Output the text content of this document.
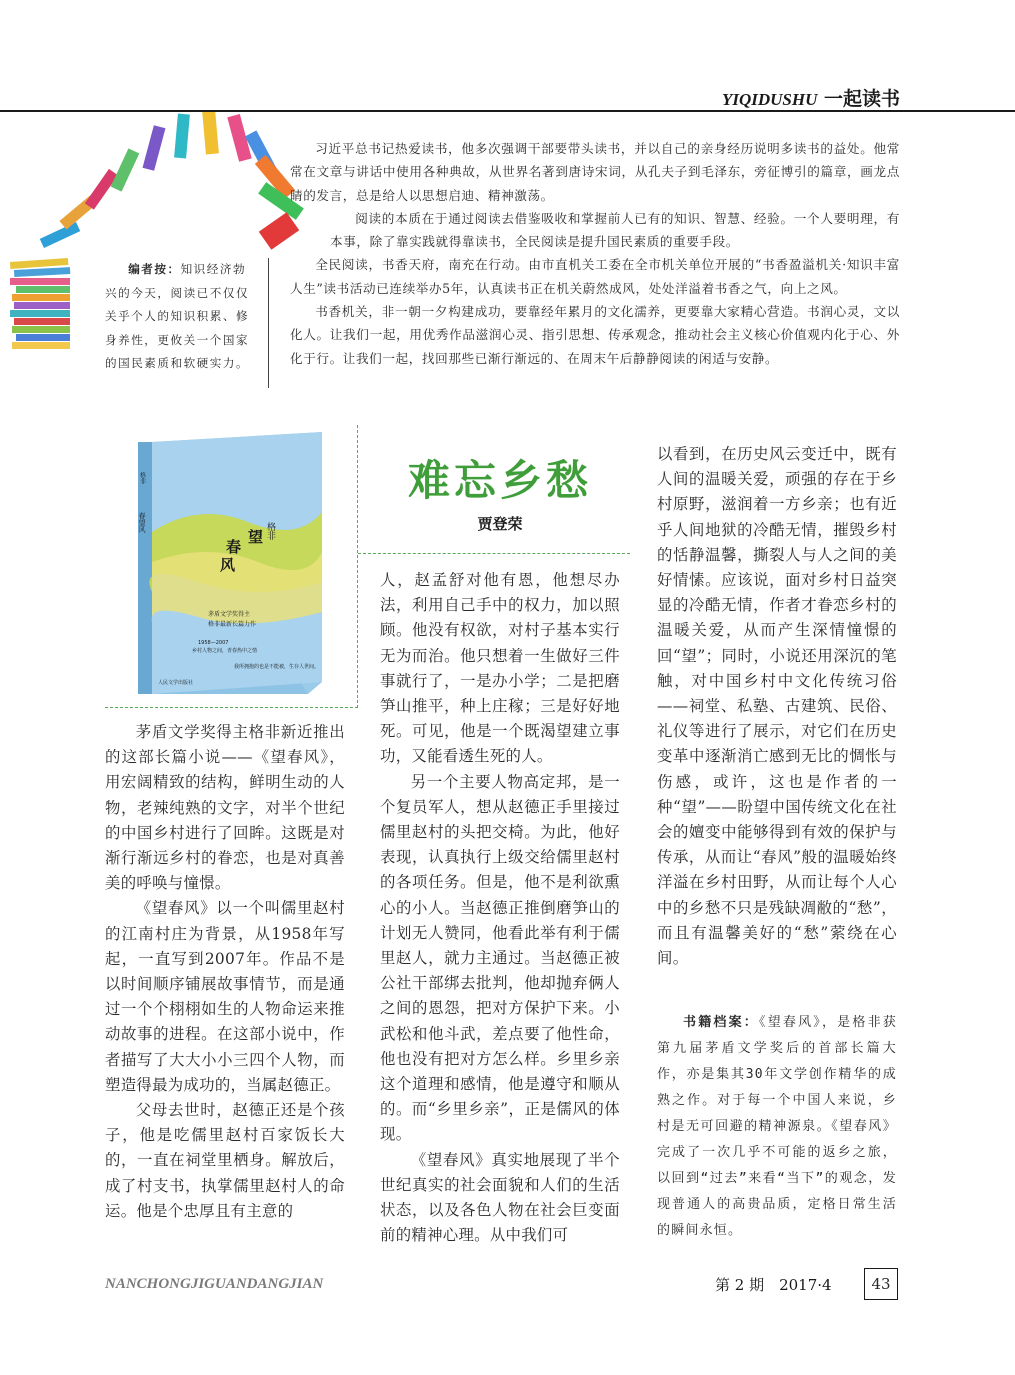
YIQIDUSHU 一起读书

习近平总书记热爱读书，他多次强调干部要带头读书，并以自己的亲身经历说明多读书的益处。他常常在文章与讲话中使用各种典故，从世界名著到唐诗宋词，从孔夫子到毛泽东，旁征博引的篇章，画龙点睛的发言，总是给人以思想启迪、精神激荡。

阅读的本质在于通过阅读去借鉴吸收和掌握前人已有的知识、智慧、经验。一个人要明理，有本事，除了靠实践就得靠读书，全民阅读是提升国民素质的重要手段。

全民阅读，书香天府，南充在行动。由市直机关工委在全市机关单位开展的“书香盈溢机关·知识丰富人生”读书活动已连续举办5年，认真读书正在机关蔚然成风，处处洋溢着书香之气，向上之风。

书香机关，非一朝一夕构建成功，要靠经年累月的文化濡养，更要靠大家精心营造。书润心灵，文以化人。让我们一起，用优秀作品滋润心灵、指引思想、传承观念，推动社会主义核心价值观内化于心、外化于行。让我们一起，找回那些已渐行渐远的、在周末午后静静阅读的闲适与安静。

编者按：知识经济勃兴的今天，阅读已不仅仅关乎个人的知识积累、修身养性，更攸关一个国家的国民素质和软硬实力。
春
望
风
格非
春望风
格非
茅盾文学奖得主
格非最新长篇力作
1958—2007
乡村人物之间，青春热中之情
我所拥抱的也是不能被，生存人世间。
人民文学出版社
难忘乡愁
贾登荣

茅盾文学奖得主格非新近推出的这部长篇小说——《望春风》，用宏阔精致的结构，鲜明生动的人物，老辣纯熟的文字，对半个世纪的中国乡村进行了回眸。这既是对渐行渐远乡村的眷恋，也是对真善美的呼唤与憧憬。

《望春风》以一个叫儒里赵村的江南村庄为背景，从1958年写起，一直写到2007年。作品不是以时间顺序铺展故事情节，而是通过一个个栩栩如生的人物命运来推动故事的进程。在这部小说中，作者描写了大大小小三四个人物，而塑造得最为成功的，当属赵德正。

父母去世时，赵德正还是个孩子，他是吃儒里赵村百家饭长大的，一直在祠堂里栖身。解放后，成了村支书，执掌儒里赵村人的命运。他是个忠厚且有主意的

人，赵孟舒对他有恩，他想尽办法，利用自己手中的权力，加以照顾。他没有权欲，对村子基本实行无为而治。他只想着一生做好三件事就行了，一是办小学；二是把磨笋山推平，种上庄稼；三是好好地死。可见，他是一个既渴望建立事功，又能看透生死的人。

另一个主要人物高定邦，是一个复员军人，想从赵德正手里接过儒里赵村的头把交椅。为此，他好表现，认真执行上级交给儒里赵村的各项任务。但是，他不是利欲熏心的小人。当赵德正推倒磨笋山的计划无人赞同，他看此举有利于儒里赵人，就力主通过。当赵德正被公社干部绑去批判，他却抛弃俩人之间的恩怨，把对方保护下来。小武松和他斗武，差点要了他性命，他也没有把对方怎么样。乡里乡亲这个道理和感情，他是遵守和顺从的。而“乡里乡亲”，正是儒风的体现。

《望春风》真实地展现了半个世纪真实的社会面貌和人们的生活状态，以及各色人物在社会巨变面前的精神心理。从中我们可

以看到，在历史风云变迁中，既有人间的温暖关爱，顽强的存在于乡村原野，滋润着一方乡亲；也有近乎人间地狱的冷酷无情，摧毁乡村的恬静温馨，撕裂人与人之间的美好情愫。应该说，面对乡村日益突显的冷酷无情，作者才眷恋乡村的温暖关爱，从而产生深情憧憬的回“望”；同时，小说还用深沉的笔触，对中国乡村中文化传统习俗——祠堂、私塾、古建筑、民俗、礼仪等进行了展示，对它们在历史变革中逐渐消亡感到无比的惆怅与伤感，或许，这也是作者的一种“望”——盼望中国传统文化在社会的嬗变中能够得到有效的保护与传承，从而让“春风”般的温暖始终洋溢在乡村田野，从而让每个人心中的乡愁不只是残缺凋敝的“愁”，而且有温馨美好的“愁”萦绕在心间。

书籍档案：《望春风》，是格非获第九届茅盾文学奖后的首部长篇大作，亦是集其30年文学创作精华的成熟之作。对于每一个中国人来说，乡村是无可回避的精神源泉。《望春风》完成了一次几乎不可能的返乡之旅，以回到“过去”来看“当下”的观念，发现普通人的高贵品质，定格日常生活的瞬间永恒。
NANCHONGJIGUANDANGJIAN	第 2 期　2017·4	43
